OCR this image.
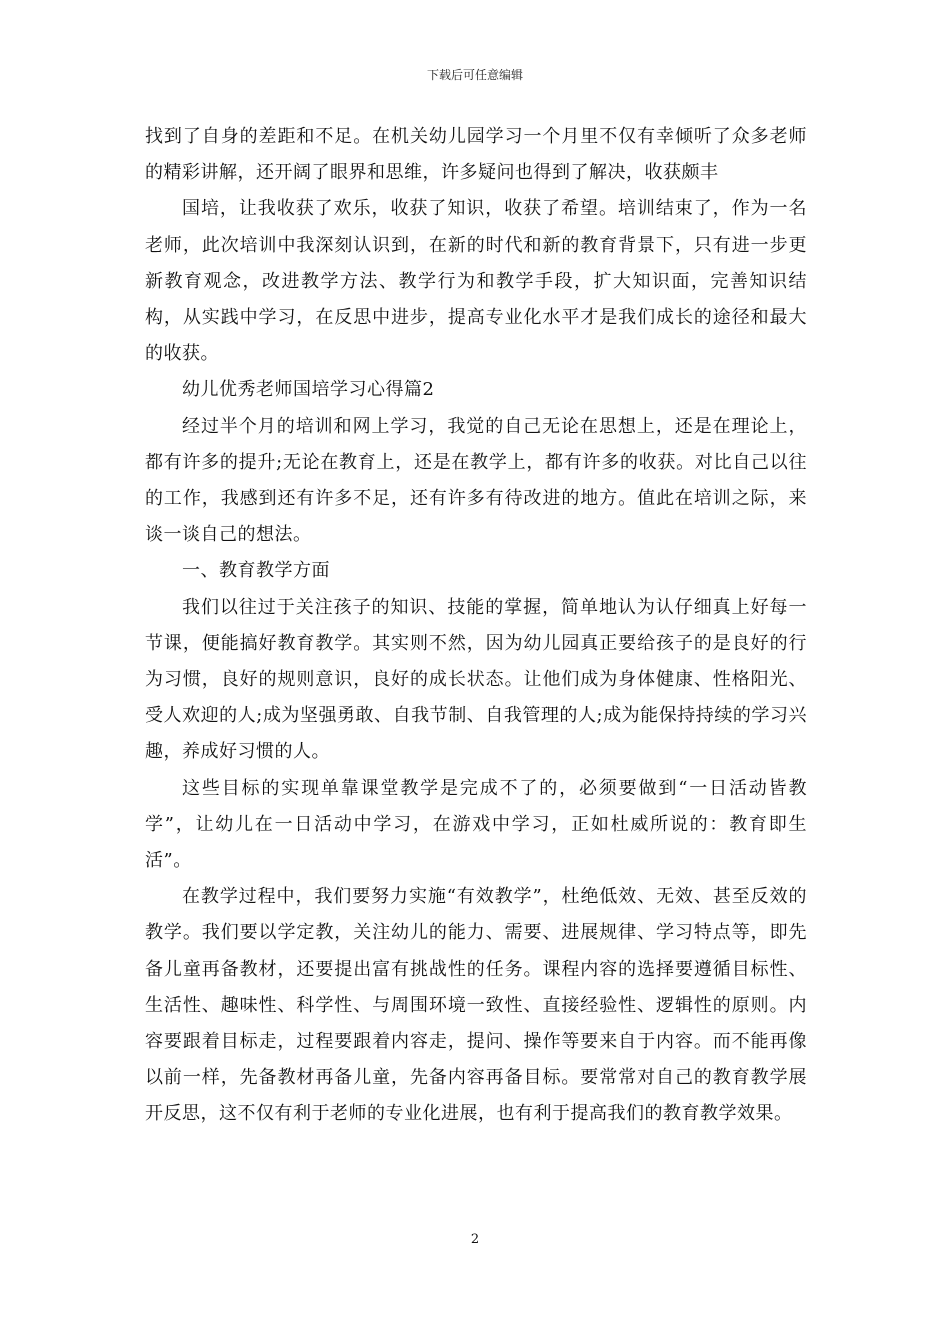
下载后可任意编辑

找到了自身的差距和不足。在机关幼儿园学习一个月里不仅有幸倾听了众多老师的精彩讲解，还开阔了眼界和思维，许多疑问也得到了解决，收获颇丰

国培，让我收获了欢乐，收获了知识，收获了希望。培训结束了，作为一名老师，此次培训中我深刻认识到，在新的时代和新的教育背景下，只有进一步更新教育观念，改进教学方法、教学行为和教学手段，扩大知识面，完善知识结构，从实践中学习，在反思中进步，提高专业化水平才是我们成长的途径和最大的收获。

幼儿优秀老师国培学习心得篇2

经过半个月的培训和网上学习，我觉的自己无论在思想上，还是在理论上，都有许多的提升;无论在教育上，还是在教学上，都有许多的收获。对比自己以往的工作，我感到还有许多不足，还有许多有待改进的地方。值此在培训之际，来谈一谈自己的想法。

一、教育教学方面

我们以往过于关注孩子的知识、技能的掌握，简单地认为认仔细真上好每一节课，便能搞好教育教学。其实则不然，因为幼儿园真正要给孩子的是良好的行为习惯，良好的规则意识，良好的成长状态。让他们成为身体健康、性格阳光、受人欢迎的人;成为坚强勇敢、自我节制、自我管理的人;成为能保持持续的学习兴趣，养成好习惯的人。

这些目标的实现单靠课堂教学是完成不了的，必须要做到“一日活动皆教学”，让幼儿在一日活动中学习，在游戏中学习，正如杜威所说的：教育即生活”。

在教学过程中，我们要努力实施“有效教学”，杜绝低效、无效、甚至反效的教学。我们要以学定教，关注幼儿的能力、需要、进展规律、学习特点等，即先备儿童再备教材，还要提出富有挑战性的任务。课程内容的选择要遵循目标性、生活性、趣味性、科学性、与周围环境一致性、直接经验性、逻辑性的原则。内容要跟着目标走，过程要跟着内容走，提问、操作等要来自于内容。而不能再像以前一样，先备教材再备儿童，先备内容再备目标。要常常对自己的教育教学展开反思，这不仅有利于老师的专业化进展，也有利于提高我们的教育教学效果。

2
